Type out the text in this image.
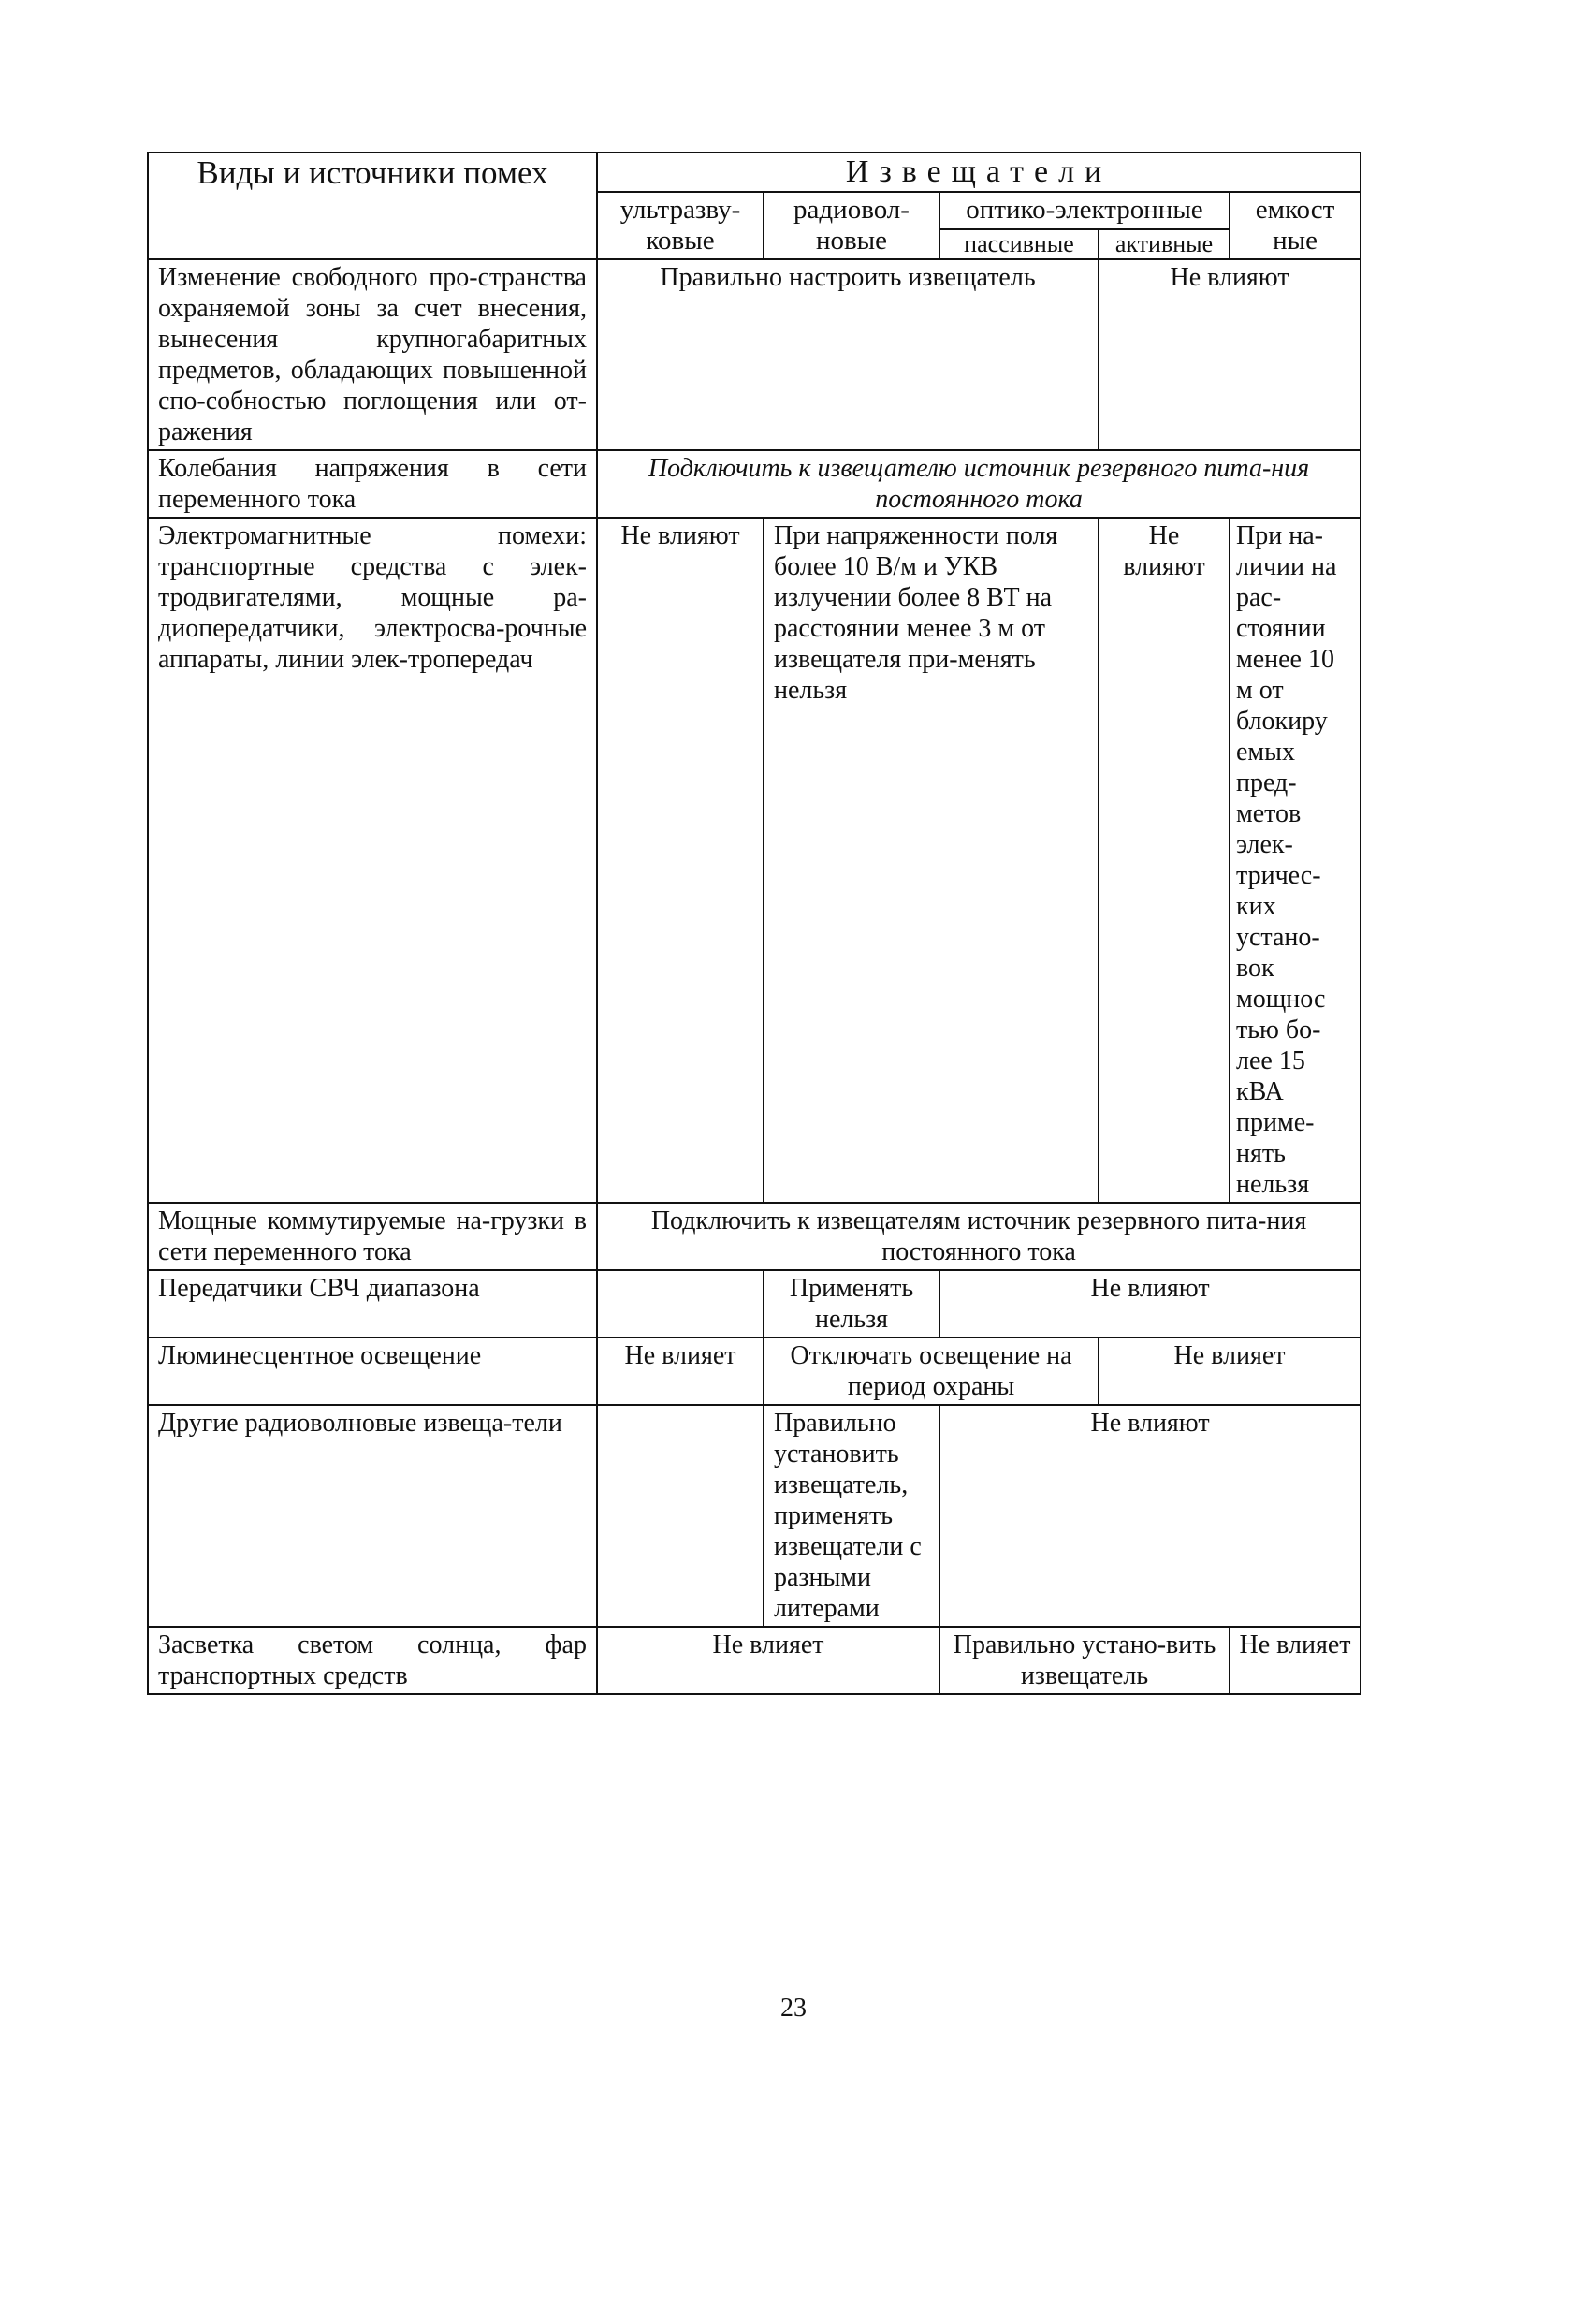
Виды и источники помех	Извещатели				
	ультразву-ковые	радиовол-новые	оптико-электронные		емкост ные
			пассивные	активные	
Изменение свободного про-странства охраняемой зоны за счет внесения, вынесения крупногабаритных предметов, обладающих повышенной спо-собностью поглощения или от-ражения	Правильно настроить извещатель			Не влияют	
Колебания напряжения в сети переменного тока	Подключить к извещателю источник резервного пита-ния постоянного тока				
Электромагнитные помехи: транспортные средства с элек-тродвигателями, мощные ра-диопередатчики, электросва-рочные аппараты, линии элек-тропередач	Не влияют	При напряженности поля более 10 В/м и УКВ излучении более 8 ВТ на расстоянии менее 3 м от извещателя при-менять нельзя		Не влияют	При на-личии на рас-стоянии менее 10 м от блокиру емых пред-метов элек-тричес-ких устано-вок мощнос тью бо-лее 15 кВА приме-нять нельзя
Мощные коммутируемые на-грузки в сети переменного тока	Подключить к извещателям источник резервного пита-ния постоянного тока				
Передатчики СВЧ диапазона		Применять нельзя	Не влияют		
Люминесцентное освещение	Не влияет	Отключать освещение на период охраны		Не влияет	
Другие радиоволновые извеща-тели		Правильно установить извещатель, применять извещатели с разными литерами	Не влияют		
Засветка светом солнца, фар транспортных средств	Не влияет		Правильно устано-вить извещатель		Не влияет
23
